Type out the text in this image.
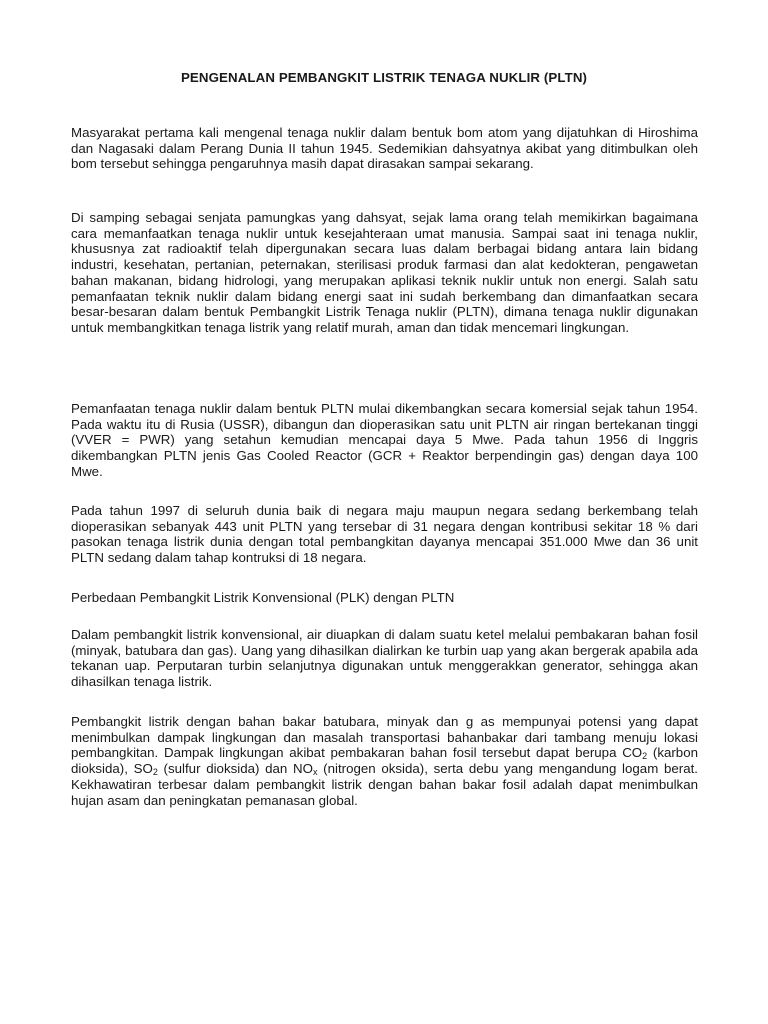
PENGENALAN PEMBANGKIT LISTRIK TENAGA NUKLIR (PLTN)

Masyarakat pertama kali mengenal tenaga nuklir dalam bentuk bom atom yang dijatuhkan di Hiroshima dan Nagasaki dalam Perang Dunia II tahun 1945. Sedemikian dahsyatnya akibat yang ditimbulkan oleh bom tersebut sehingga pengaruhnya masih dapat dirasakan sampai sekarang.

Di samping sebagai senjata pamungkas yang dahsyat, sejak lama orang telah memikirkan bagaimana cara memanfaatkan tenaga nuklir untuk kesejahteraan umat manusia. Sampai saat ini tenaga nuklir, khususnya zat radioaktif telah dipergunakan secara luas dalam berbagai bidang antara lain bidang industri, kesehatan, pertanian, peternakan, sterilisasi produk farmasi dan alat kedokteran, pengawetan bahan makanan, bidang hidrologi, yang merupakan aplikasi teknik nuklir untuk non energi. Salah satu pemanfaatan teknik nuklir dalam bidang energi saat ini sudah berkembang dan dimanfaatkan secara besar-besaran dalam bentuk Pembangkit Listrik Tenaga nuklir (PLTN), dimana tenaga nuklir digunakan untuk membangkitkan tenaga listrik yang relatif murah, aman dan tidak mencemari lingkungan.

Pemanfaatan tenaga nuklir dalam bentuk PLTN mulai dikembangkan secara komersial sejak tahun 1954. Pada waktu itu di Rusia (USSR), dibangun dan dioperasikan satu unit PLTN air ringan bertekanan tinggi (VVER = PWR) yang setahun kemudian mencapai daya 5 Mwe. Pada tahun 1956 di Inggris dikembangkan PLTN jenis Gas Cooled Reactor (GCR + Reaktor berpendingin gas) dengan daya 100 Mwe.

Pada tahun 1997 di seluruh dunia baik di negara maju maupun negara sedang berkembang telah dioperasikan sebanyak 443 unit PLTN yang tersebar di 31 negara dengan kontribusi sekitar 18 % dari pasokan tenaga listrik dunia dengan total pembangkitan dayanya mencapai 351.000 Mwe dan 36 unit PLTN sedang dalam tahap kontruksi di 18 negara.

Perbedaan Pembangkit Listrik Konvensional (PLK) dengan PLTN

Dalam pembangkit listrik konvensional, air diuapkan di dalam suatu ketel melalui pembakaran bahan fosil (minyak, batubara dan gas). Uang yang dihasilkan dialirkan ke turbin uap yang akan bergerak apabila ada tekanan uap. Perputaran turbin selanjutnya digunakan untuk menggerakkan generator, sehingga akan dihasilkan tenaga listrik.

Pembangkit listrik dengan bahan bakar batubara, minyak dan g as mempunyai potensi yang dapat menimbulkan dampak lingkungan dan masalah transportasi bahanbakar dari tambang menuju lokasi pembangkitan. Dampak lingkungan akibat pembakaran bahan fosil tersebut dapat berupa $CO_2$ (karbon dioksida), $SO_2$ (sulfur dioksida) dan $NO_x$ (nitrogen oksida), serta debu yang mengandung logam berat. Kekhawatiran terbesar dalam pembangkit listrik dengan bahan bakar fosil adalah dapat menimbulkan hujan asam dan peningkatan pemanasan global.
